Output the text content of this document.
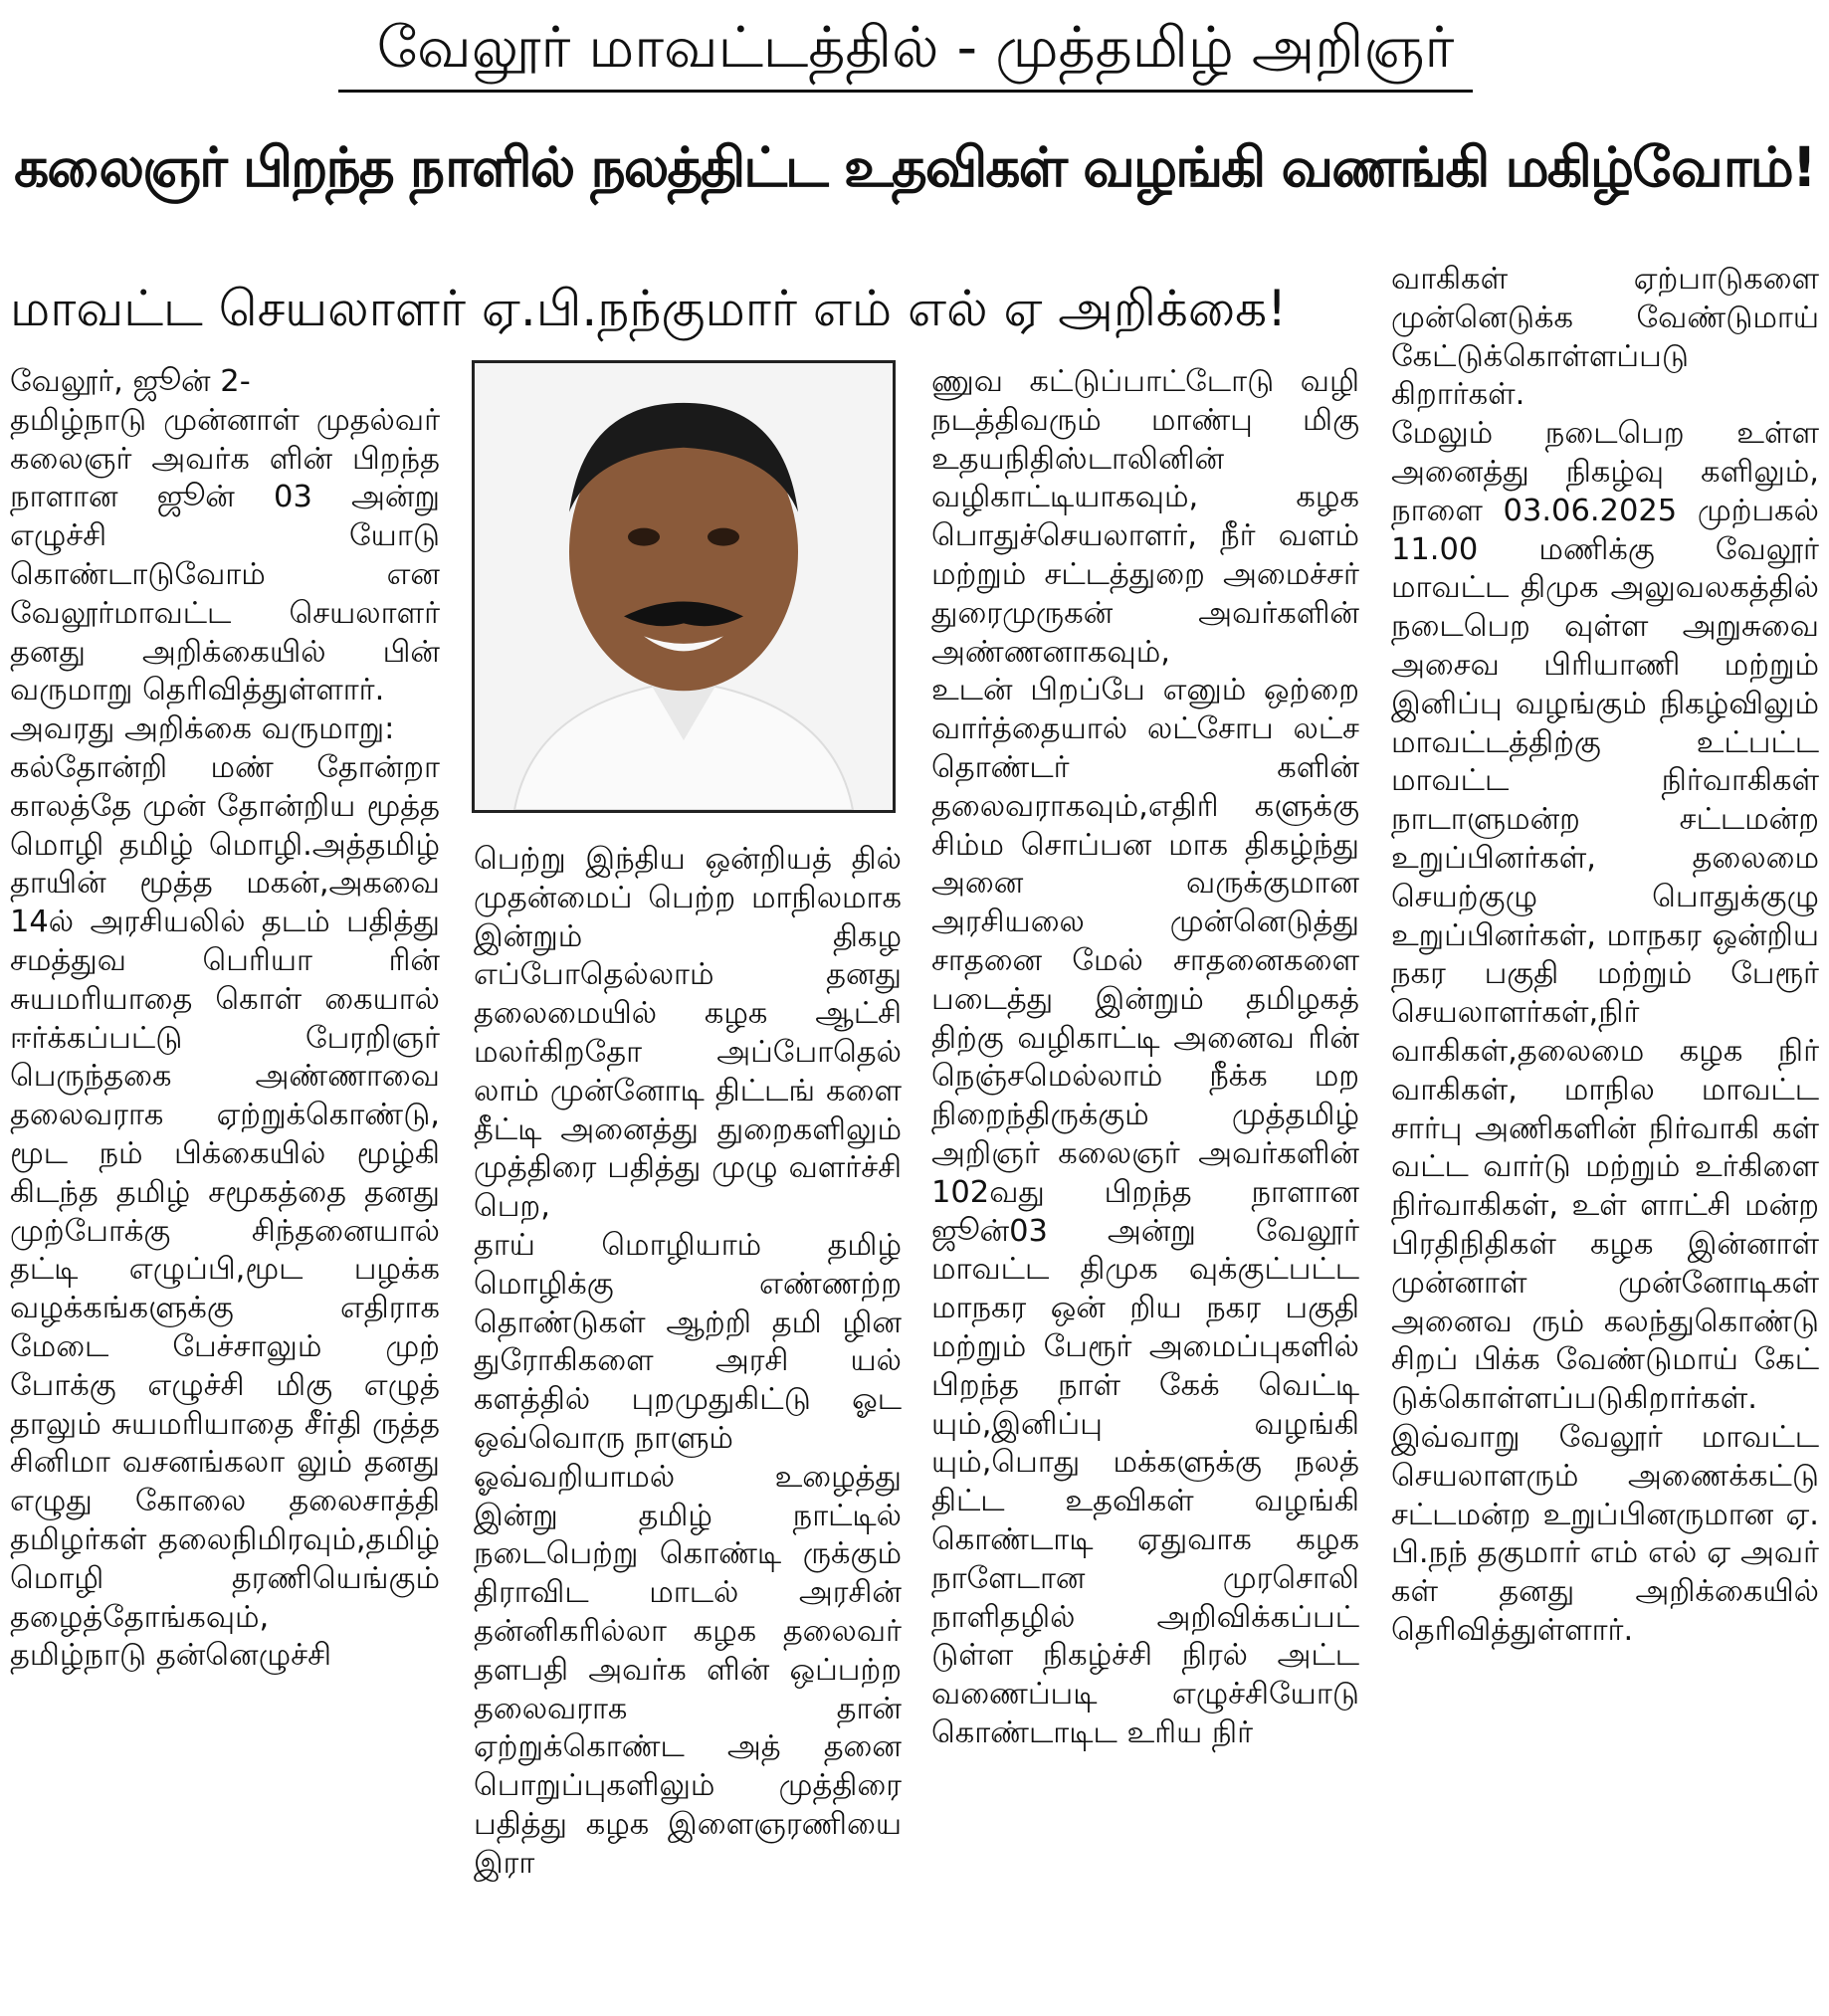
வேலூர் மாவட்டத்தில் - முத்தமிழ் அறிஞர்
கலைஞர் பிறந்த நாளில் நலத்திட்ட உதவிகள் வழங்கி வணங்கி மகிழ்வோம்!
மாவட்ட செயலாளர் ஏ.பி.நந்குமார் எம் எல் ஏ அறிக்கை!
வேலூர், ஜூன் 2-
தமிழ்நாடு முன்னாள் முதல்வர் கலைஞர் அவர்க ளின் பிறந்த நாளான ஜூன் 03 அன்று எழுச்சி யோடு கொண்டாடுவோம் என வேலூர்மாவட்ட செயலாளர் தனது அறிக்கையில் பின் வருமாறு தெரிவித்துள்ளார்.
அவரது அறிக்கை வருமாறு:
கல்தோன்றி மண் தோன்றா காலத்தே முன் தோன்றிய மூத்த மொழி தமிழ் மொழி.அத்தமிழ் தாயின் மூத்த மகன்,அகவை 14ல் அரசியலில் தடம் பதித்து சமத்துவ பெரியா ரின் சுயமரியாதை கொள் கையால் ஈர்க்கப்பட்டு பேரறிஞர் பெருந்தகை அண்ணாவை தலைவராக ஏற்றுக்கொண்டு, மூட நம் பிக்கையில் மூழ்கி கிடந்த தமிழ் சமூகத்தை தனது முற்போக்கு சிந்தனையால் தட்டி எழுப்பி,மூட பழக்க வழக்கங்களுக்கு எதிராக மேடை பேச்சாலும் முற் போக்கு எழுச்சி மிகு எழுத் தாலும் சுயமரியாதை சீர்தி ருத்த சினிமா வசனங்கலா லும் தனது எழுது கோலை தலைசாத்தி தமிழர்கள் தலைநிமிரவும்,தமிழ் மொழி தரணியெங்கும் தழைத்தோங்கவும்,
தமிழ்நாடு தன்னெழுச்சி
பெற்று இந்திய ஒன்றியத் தில் முதன்மைப் பெற்ற மாநிலமாக இன்றும் திகழ எப்போதெல்லாம் தனது தலைமையில் கழக ஆட்சி மலர்கிறதோ அப்போதெல் லாம் முன்னோடி திட்டங் களை தீட்டி அனைத்து துறைகளிலும் முத்திரை பதித்து முழு வளர்ச்சி பெற,
தாய் மொழியாம் தமிழ் மொழிக்கு எண்ணற்ற தொண்டுகள் ஆற்றி தமி ழின துரோகிகளை அரசி யல் களத்தில் புறமுதுகிட்டு ஓட ஒவ்வொரு நாளும்
ஓவ்வறியாமல் உழைத்து இன்று தமிழ் நாட்டில் நடைபெற்று கொண்டி ருக்கும் திராவிட மாடல் அரசின் தன்னிகரில்லா கழக தலைவர் தளபதி அவர்க ளின் ஒப்பற்ற தலைவராக தான் ஏற்றுக்கொண்ட அத் தனை பொறுப்புகளிலும் முத்திரை பதித்து கழக இளைஞரணியை இரா
ணுவ கட்டுப்பாட்டோடு வழி நடத்திவரும் மாண்பு மிகு உதயநிதிஸ்டாலினின் வழிகாட்டியாகவும், கழக பொதுச்செயலாளர், நீர் வளம் மற்றும் சட்டத்துறை அமைச்சர் துரைமுருகன் அவர்களின் அண்ணனாகவும்,
உடன் பிறப்பே எனும் ஒற்றை வார்த்தையால் லட்சோப லட்ச தொண்டர் களின் தலைவராகவும்,எதிரி களுக்கு சிம்ம சொப்பன மாக திகழ்ந்து அனை வருக்குமான அரசியலை முன்னெடுத்து சாதனை மேல் சாதனைகளை படைத்து இன்றும் தமிழகத் திற்கு வழிகாட்டி அனைவ ரின் நெஞ்சமெல்லாம் நீக்க மற நிறைந்திருக்கும் முத்தமிழ் அறிஞர் கலைஞர் அவர்களின் 102வது பிறந்த நாளான ஜூன்03 அன்று வேலூர் மாவட்ட திமுக வுக்குட்பட்ட மாநகர ஒன் றிய நகர பகுதி மற்றும் பேரூர் அமைப்புகளில் பிறந்த நாள் கேக் வெட்டி யும்,இனிப்பு வழங்கி யும்,பொது மக்களுக்கு நலத் திட்ட உதவிகள் வழங்கி கொண்டாடி ஏதுவாக கழக நாளேடான முரசொலி நாளிதழில் அறிவிக்கப்பட் டுள்ள நிகழ்ச்சி நிரல் அட்ட வணைப்படி எழுச்சியோடு கொண்டாடிட உரிய நிர்
வாகிகள் ஏற்பாடுகளை முன்னெடுக்க வேண்டுமாய் கேட்டுக்கொள்ளப்படு கிறார்கள்.
மேலும் நடைபெற உள்ள அனைத்து நிகழ்வு களிலும், நாளை 03.06.2025 முற்பகல் 11.00 மணிக்கு வேலூர் மாவட்ட திமுக அலுவலகத்தில் நடைபெற வுள்ள அறுசுவை அசைவ பிரியாணி மற்றும் இனிப்பு வழங்கும் நிகழ்விலும் மாவட்டத்திற்கு உட்பட்ட மாவட்ட நிர்வாகிகள் நாடாளுமன்ற சட்டமன்ற உறுப்பினர்கள், தலைமை செயற்குழு பொதுக்குழு உறுப்பினர்கள், மாநகர ஒன்றிய நகர பகுதி மற்றும் பேரூர் செயலாளர்கள்,நிர் வாகிகள்,தலைமை கழக நிர் வாகிகள், மாநில மாவட்ட சார்பு அணிகளின் நிர்வாகி கள் வட்ட வார்டு மற்றும் உர்கிளை நிர்வாகிகள், உள் ளாட்சி மன்ற பிரதிநிதிகள் கழக இன்னாள் முன்னாள் முன்னோடிகள் அனைவ ரும் கலந்துகொண்டு சிறப் பிக்க வேண்டுமாய் கேட் டுக்கொள்ளப்படுகிறார்கள்.
இவ்வாறு வேலூர் மாவட்ட செயலாளரும் அணைக்கட்டு சட்டமன்ற உறுப்பினருமான ஏ. பி.நந் தகுமார் எம் எல் ஏ அவர் கள் தனது அறிக்கையில் தெரிவித்துள்ளார்.
